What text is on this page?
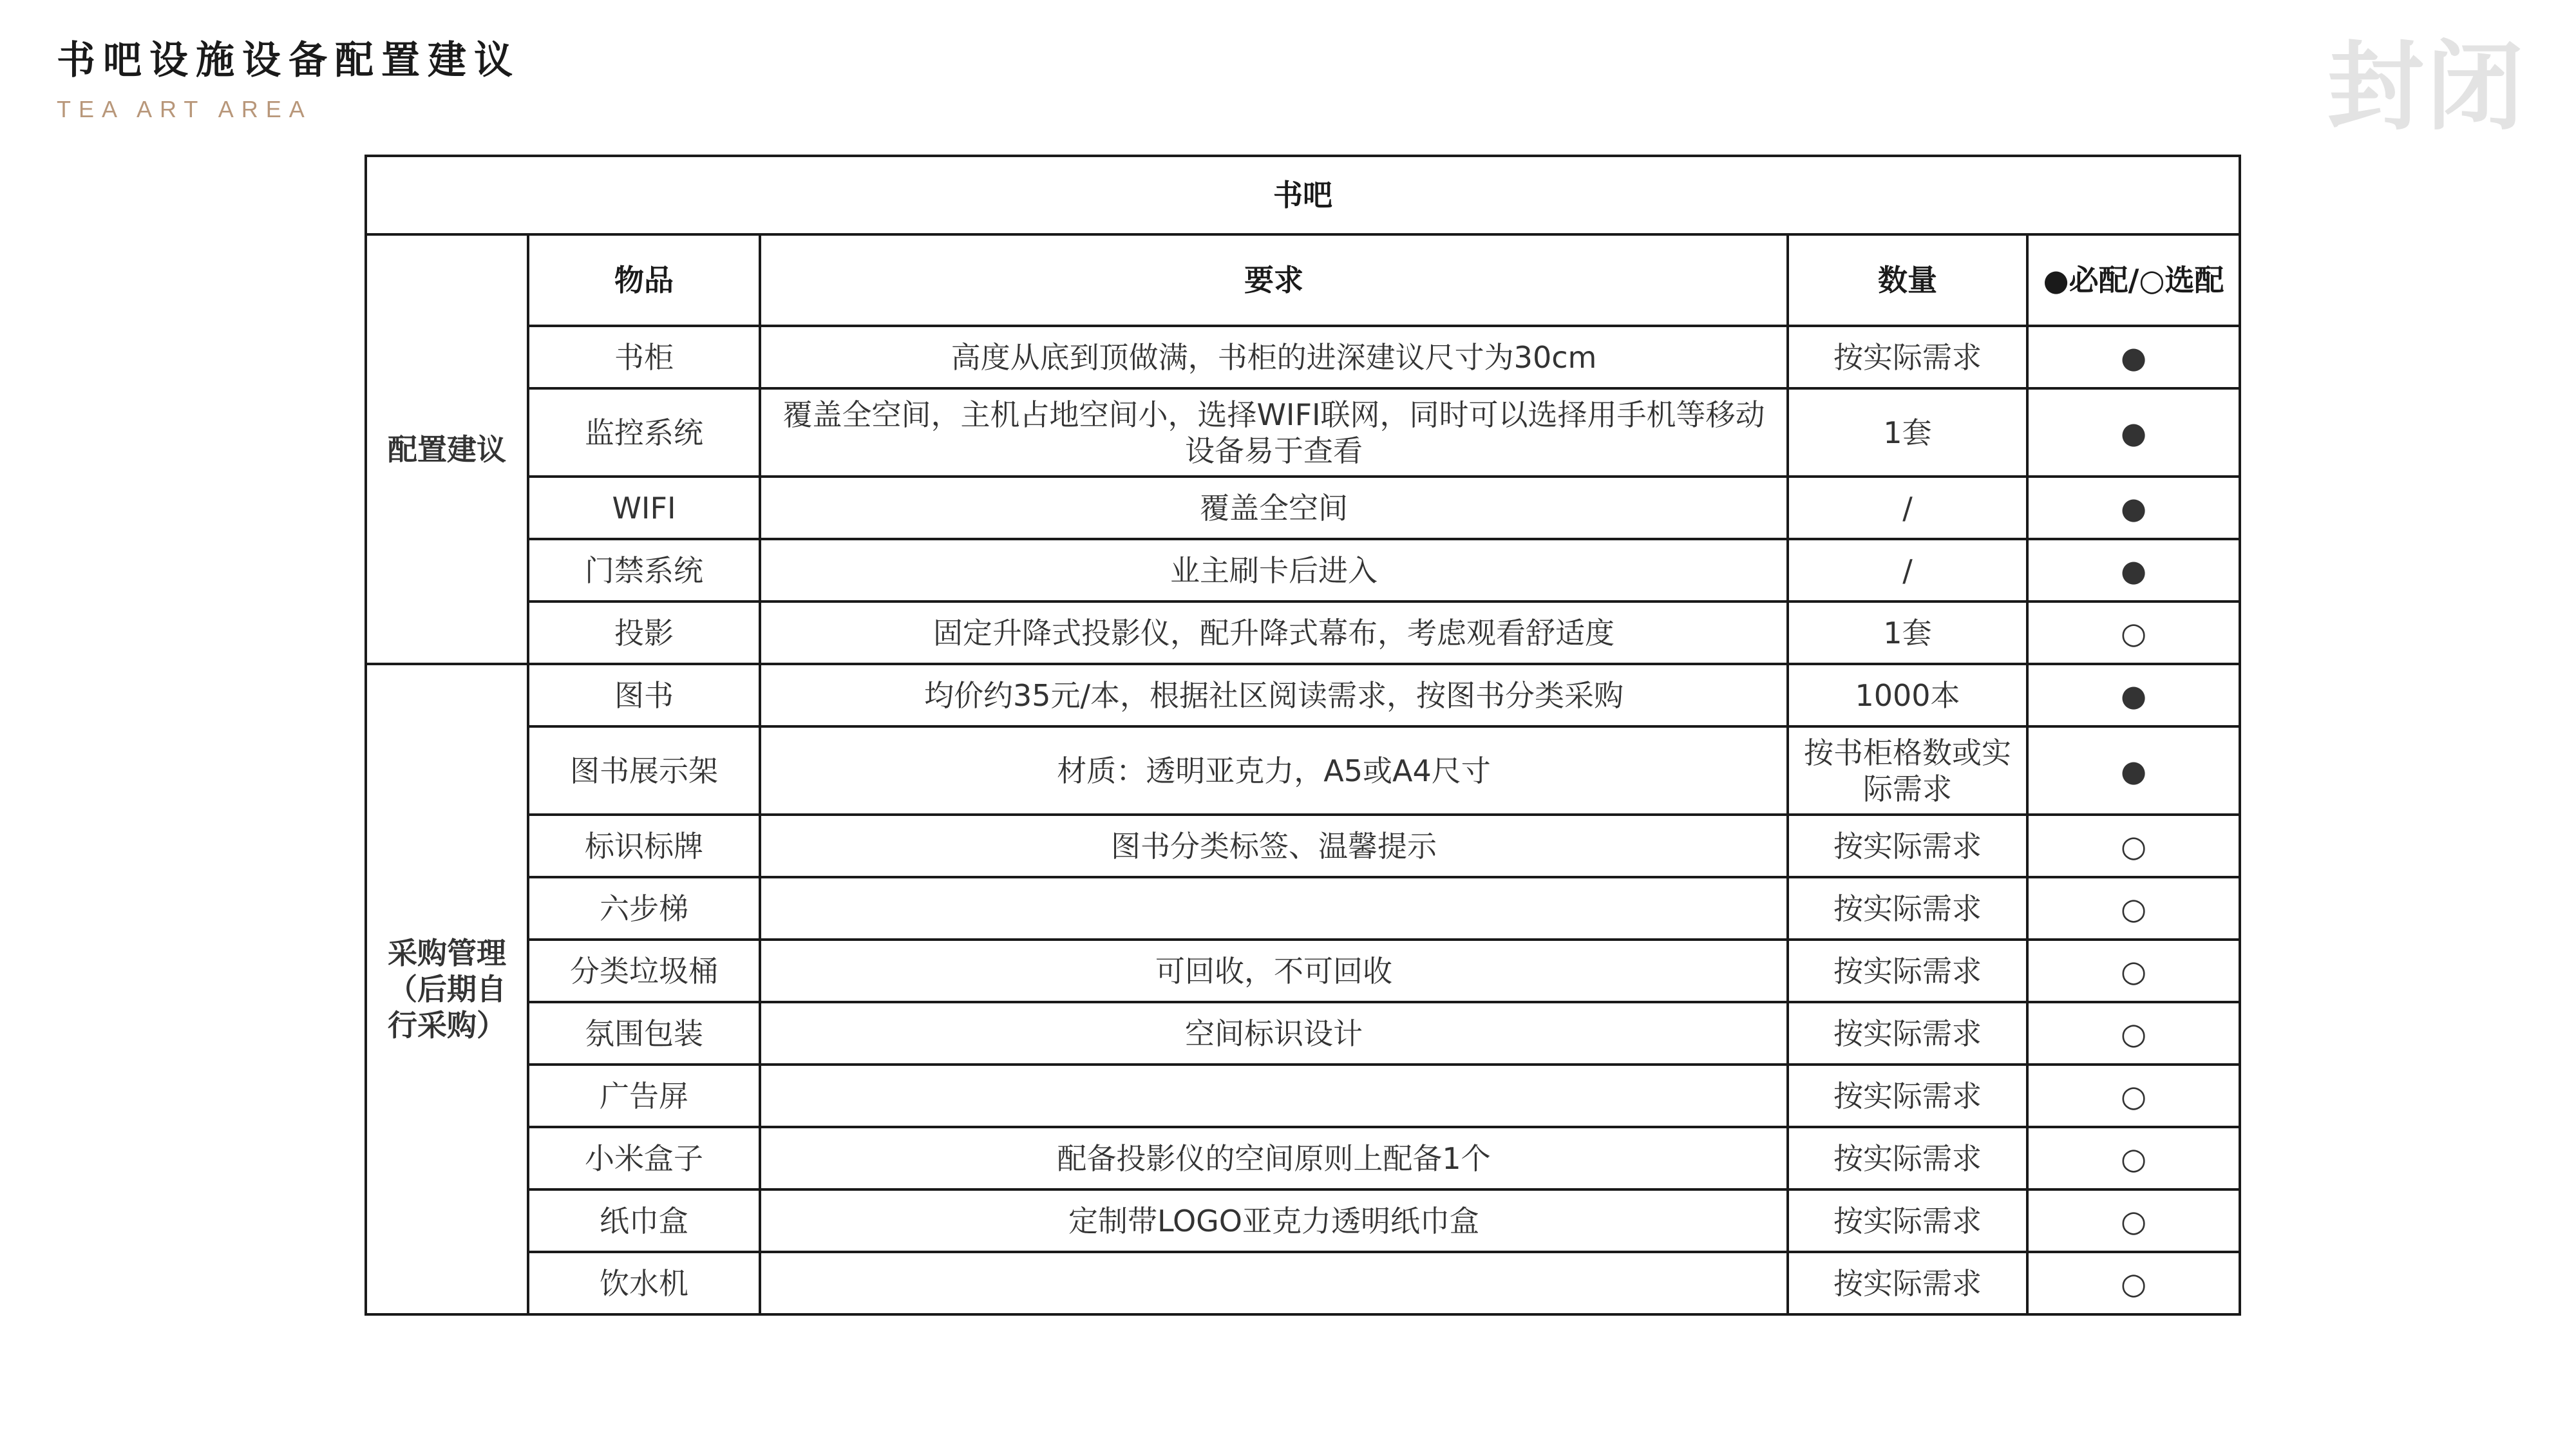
书吧设施设备配置建议
TEA ART AREA	封闭
书吧				
配置建议	物品	要求	数量	●必配/○选配
	书柜	高度从底到顶做满，书柜的进深建议尺寸为30cm	按实际需求	●
	监控系统	覆盖全空间，主机占地空间小，选择WIFI联网，同时可以选择用手机等移动设备易于查看	1套	●
	WIFI	覆盖全空间	/	●
	门禁系统	业主刷卡后进入	/	●
	投影	固定升降式投影仪，配升降式幕布，考虑观看舒适度	1套	○
采购管理（后期自行采购）	图书	均价约35元/本，根据社区阅读需求，按图书分类采购	1000本	●
	图书展示架	材质：透明亚克力，A5或A4尺寸	按书柜格数或实际需求	●
	标识标牌	图书分类标签、温馨提示	按实际需求	○
	六步梯		按实际需求	○
	分类垃圾桶	可回收，不可回收	按实际需求	○
	氛围包装	空间标识设计	按实际需求	○
	广告屏		按实际需求	○
	小米盒子	配备投影仪的空间原则上配备1个	按实际需求	○
	纸巾盒	定制带LOGO亚克力透明纸巾盒	按实际需求	○
	饮水机		按实际需求	○
